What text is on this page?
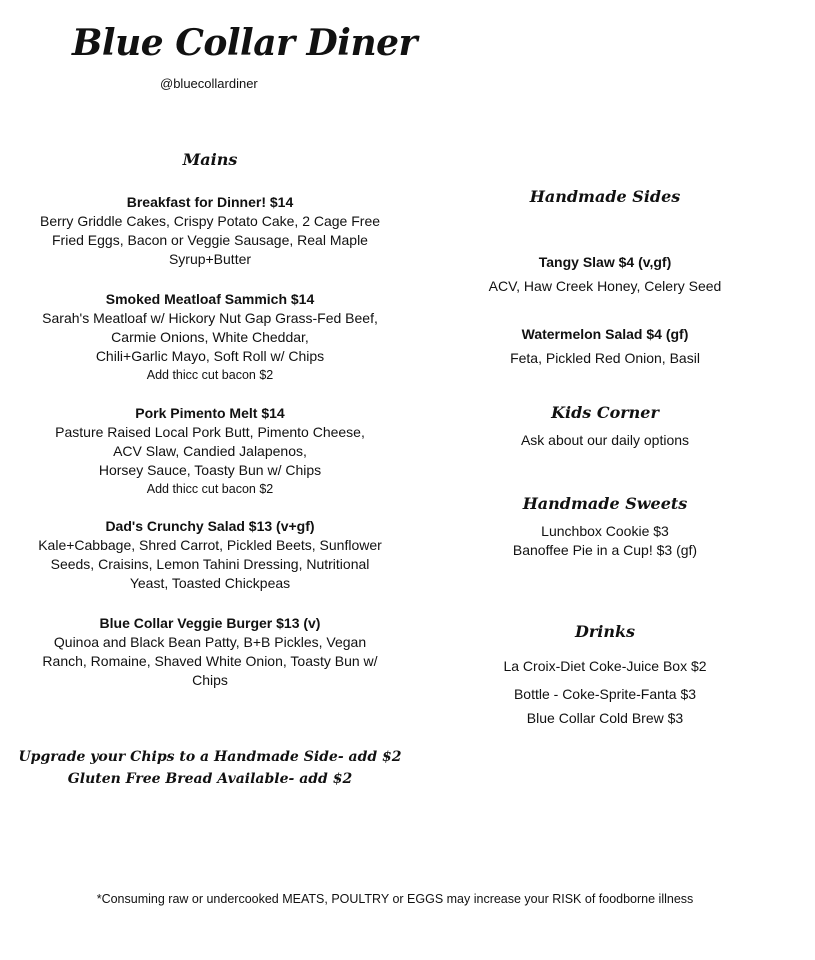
Blue Collar Diner
@bluecollardiner
Mains
Breakfast for Dinner! $14
Berry Griddle Cakes, Crispy Potato Cake, 2 Cage Free
Fried Eggs, Bacon or Veggie Sausage, Real Maple
Syrup+Butter
Smoked Meatloaf Sammich $14
Sarah's Meatloaf w/ Hickory Nut Gap Grass-Fed Beef,
Carmie Onions, White Cheddar,
Chili+Garlic Mayo, Soft Roll w/ Chips
Add thicc cut bacon $2
Pork Pimento Melt $14
Pasture Raised Local Pork Butt, Pimento Cheese,
ACV Slaw, Candied Jalapenos,
Horsey Sauce, Toasty Bun w/ Chips
Add thicc cut bacon $2
Dad's Crunchy Salad $13 (v+gf)
Kale+Cabbage, Shred Carrot, Pickled Beets, Sunflower
Seeds, Craisins, Lemon Tahini Dressing, Nutritional
Yeast, Toasted Chickpeas
Blue Collar Veggie Burger $13 (v)
Quinoa and Black Bean Patty, B+B Pickles, Vegan
Ranch, Romaine, Shaved White Onion, Toasty Bun w/
Chips
Upgrade your Chips to a Handmade Side- add $2
Gluten Free Bread Available- add $2
Handmade Sides
Tangy Slaw $4 (v,gf)
ACV, Haw Creek Honey, Celery Seed
Watermelon Salad $4 (gf)
Feta, Pickled Red Onion, Basil
Kids Corner
Ask about our daily options
Handmade Sweets
Lunchbox Cookie $3
Banoffee Pie in a Cup! $3 (gf)
Drinks
La Croix-Diet Coke-Juice Box $2
Bottle - Coke-Sprite-Fanta $3
Blue Collar Cold Brew $3
*Consuming raw or undercooked MEATS, POULTRY or EGGS may increase your RISK of foodborne illness
